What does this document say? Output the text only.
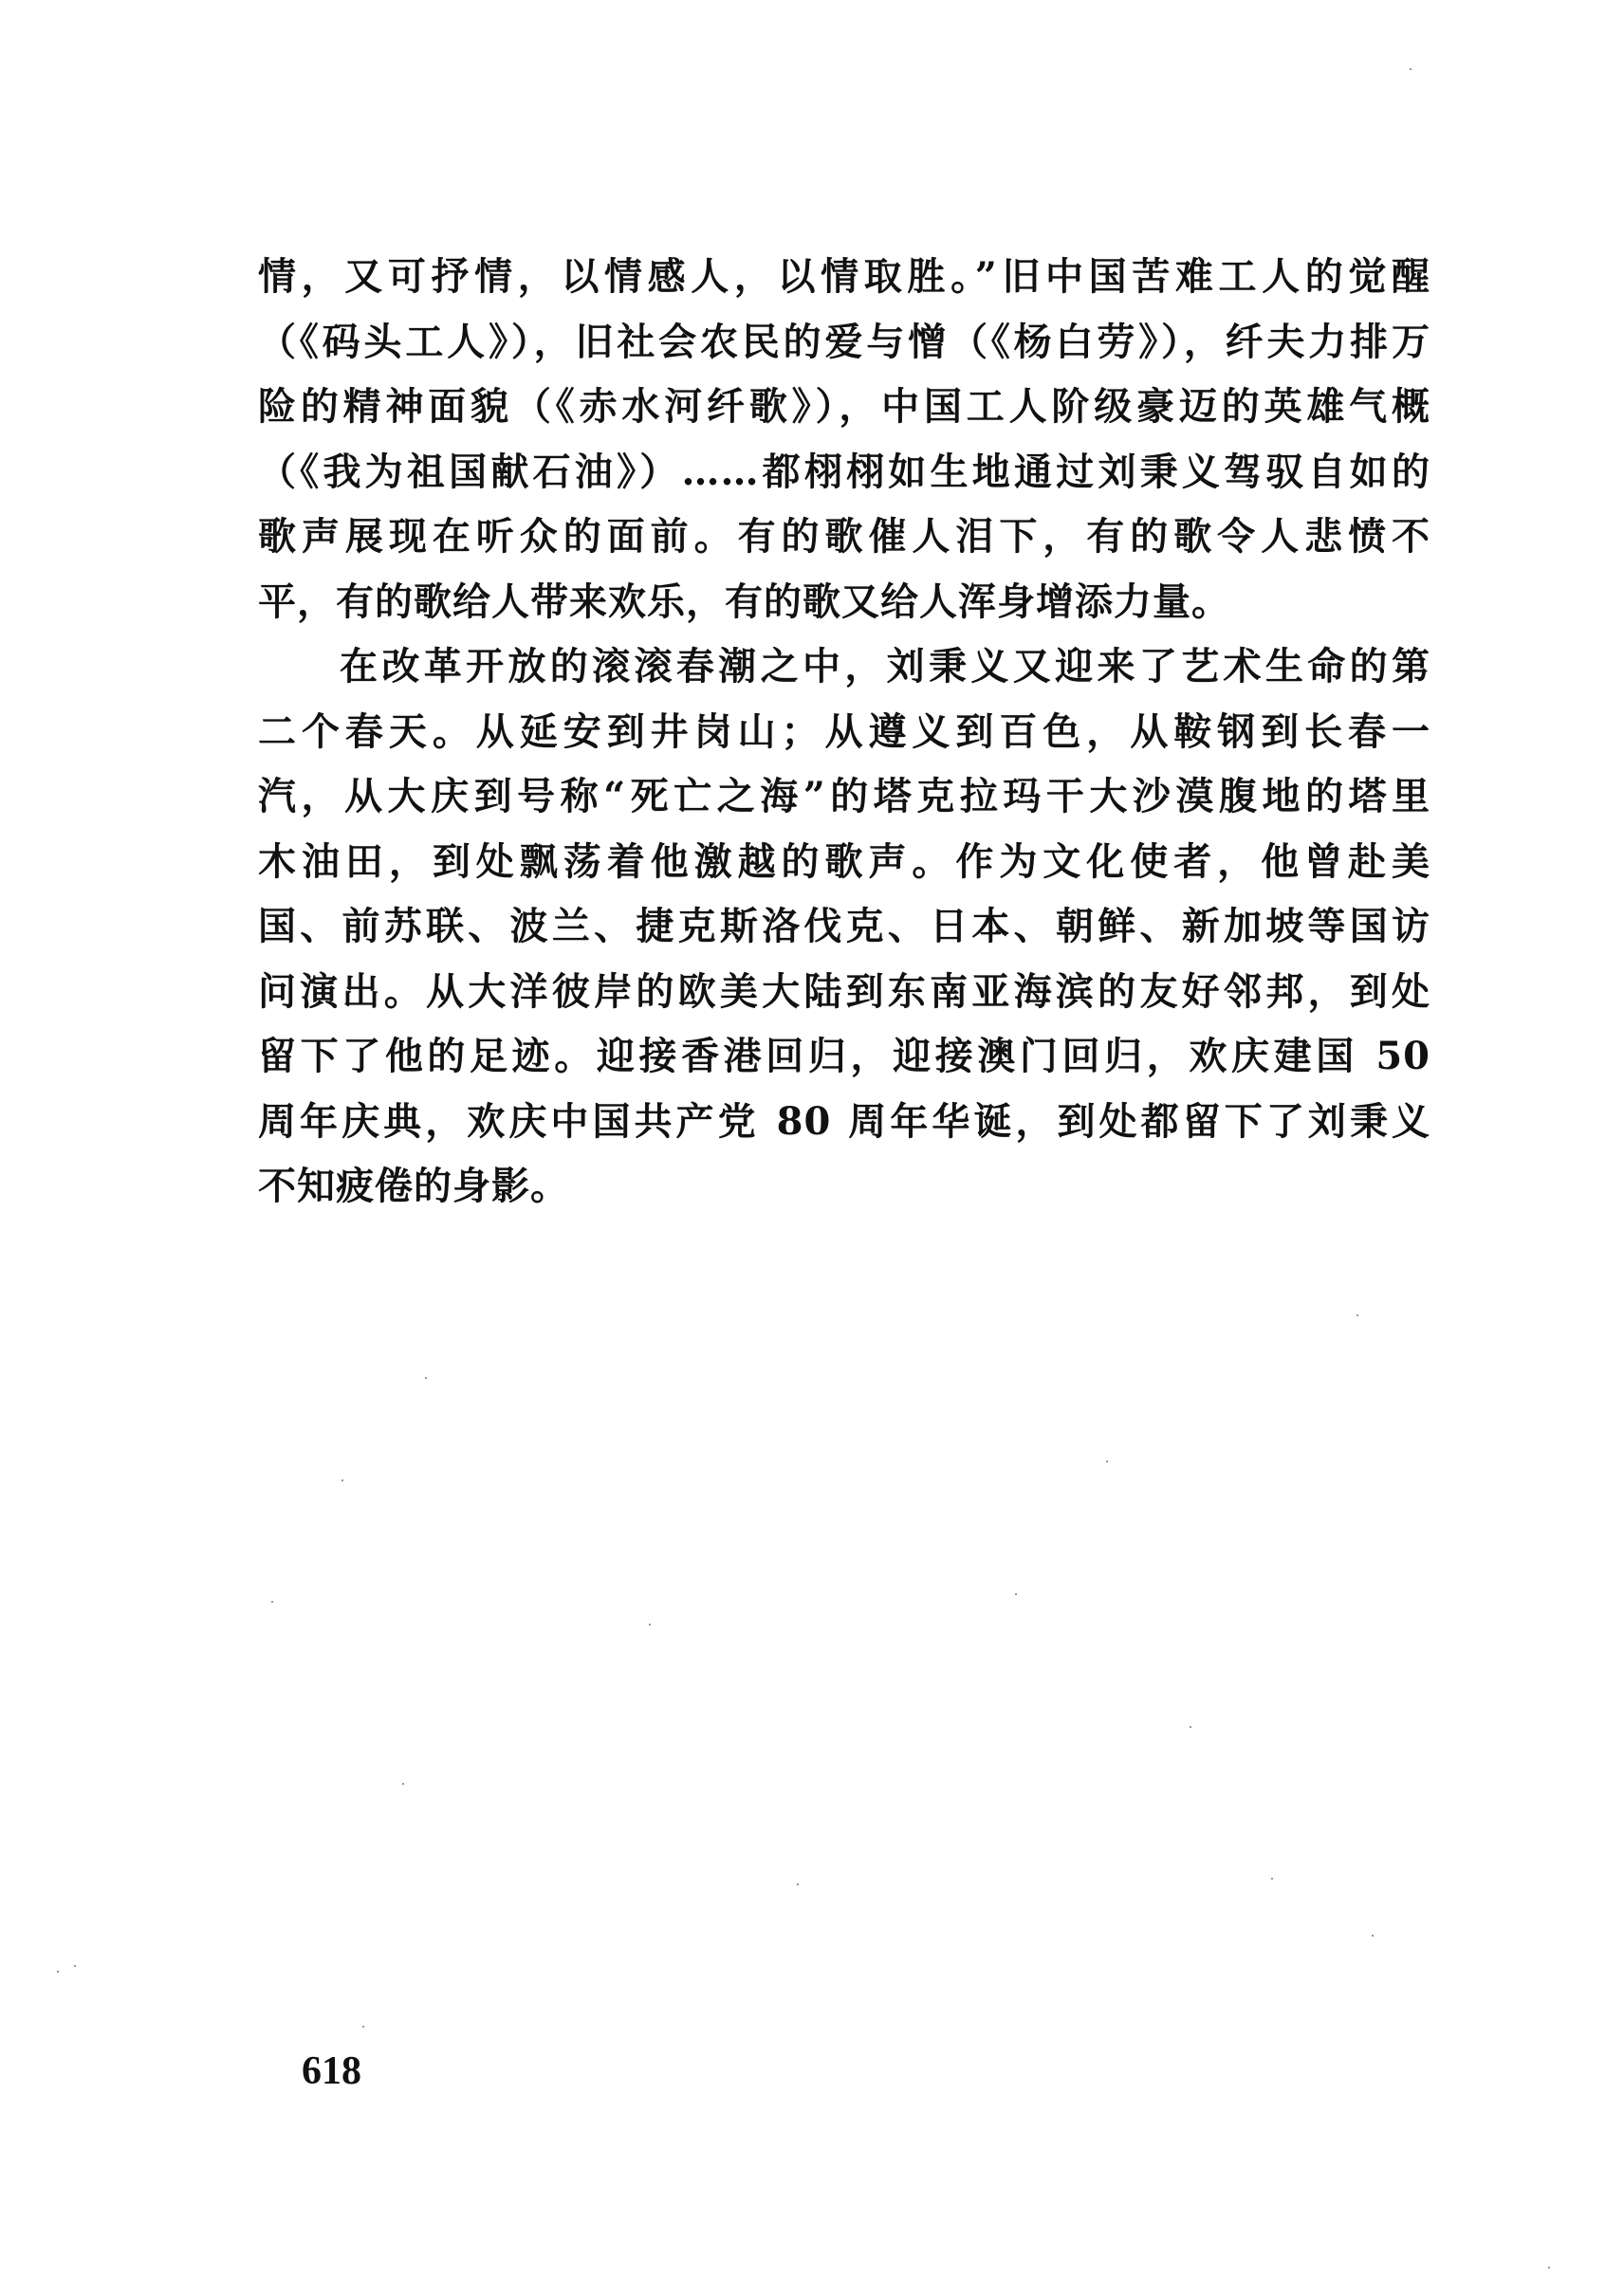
情，又可抒情，以情感人，以情取胜。”旧中国苦难工人的觉醒
（《码头工人》），旧社会农民的爱与憎（《杨白劳》），纤夫力排万
险的精神面貌（《赤水河纤歌》），中国工人阶级豪迈的英雄气概
（《我为祖国献石油》）……都栩栩如生地通过刘秉义驾驭自如的
歌声展现在听众的面前。有的歌催人泪下，有的歌令人悲愤不
平，有的歌给人带来欢乐，有的歌又给人浑身增添力量。
在改革开放的滚滚春潮之中，刘秉义又迎来了艺术生命的第
二个春天。从延安到井岗山；从遵义到百色，从鞍钢到长春一
汽，从大庆到号称“死亡之海”的塔克拉玛干大沙漠腹地的塔里
木油田，到处飘荡着他激越的歌声。作为文化使者，他曾赴美
国、前苏联、波兰、捷克斯洛伐克、日本、朝鲜、新加坡等国访
问演出。从大洋彼岸的欧美大陆到东南亚海滨的友好邻邦，到处
留下了他的足迹。迎接香港回归，迎接澳门回归，欢庆建国 50
周年庆典，欢庆中国共产党 80 周年华诞，到处都留下了刘秉义
不知疲倦的身影。
618
